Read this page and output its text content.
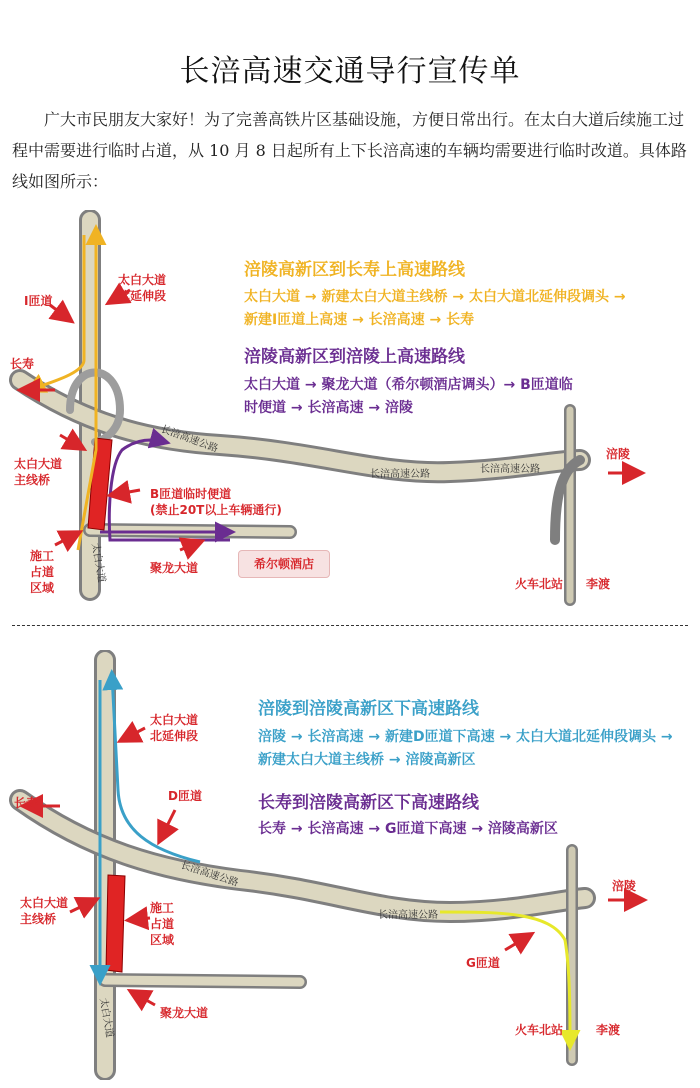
长涪高速交通导行宣传单
广大市民朋友大家好！为了完善高铁片区基础设施，方便日常出行。在太白大道后续施工过程中需要进行临时占道，从 10 月 8 日起所有上下长涪高速的车辆均需要进行临时改道。具体路线如图所示：
太白大道
北延伸段
I匝道
长寿
太白大道
主线桥
B匝道临时便道
(禁止20T以上车辆通行)
施工
占道
区域
聚龙大道	希尔顿酒店
涪陵
火车北站 李渡
长涪高速公路
长涪高速公路	长涪高速公路
太白大道
涪陵高新区到长寿上高速路线
太白大道 → 新建太白大道主线桥 → 太白大道北延伸段调头 → 新建I匝道上高速 → 长涪高速 → 长寿
涪陵高新区到涪陵上高速路线
太白大道 → 聚龙大道（希尔顿酒店调头）→ B匝道临时便道 → 长涪高速 → 涪陵
太白大道
北延伸段
D匝道
长寿
太白大道
主线桥
施工
占道
区域
聚龙大道
G匝道
涪陵
火车北站	李渡
长涪高速公路
长涪高速公路
太白大道
涪陵到涪陵高新区下高速路线
涪陵 → 长涪高速 → 新建D匝道下高速 → 太白大道北延伸段调头 → 新建太白大道主线桥 → 涪陵高新区
长寿到涪陵高新区下高速路线
长寿 → 长涪高速 → G匝道下高速 → 涪陵高新区
